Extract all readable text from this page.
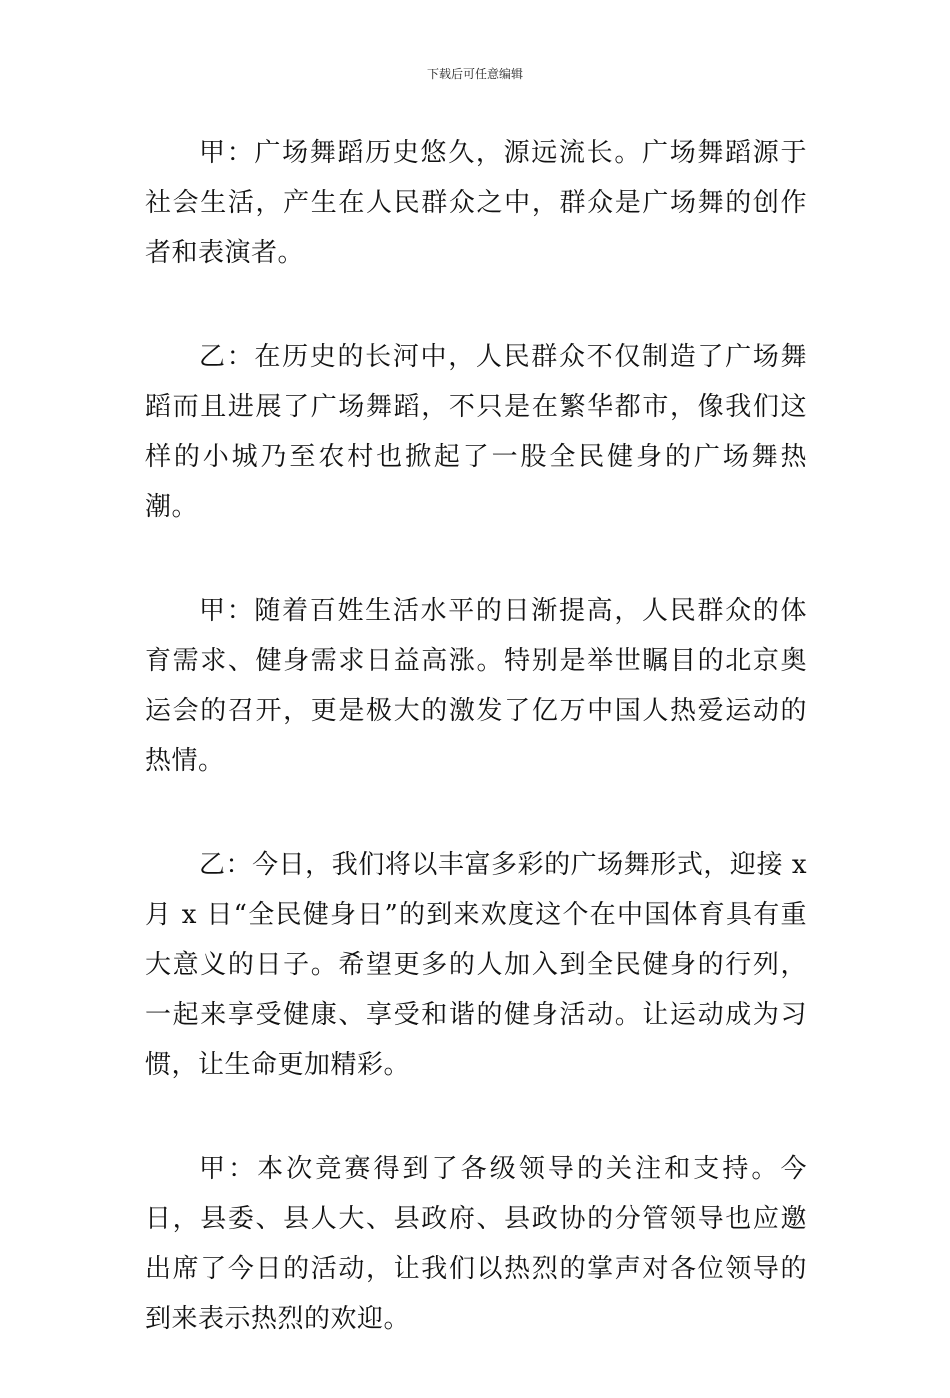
下载后可任意编辑

甲：广场舞蹈历史悠久，源远流长。广场舞蹈源于社会生活，产生在人民群众之中，群众是广场舞的创作者和表演者。

乙：在历史的长河中，人民群众不仅制造了广场舞蹈而且进展了广场舞蹈，不只是在繁华都市，像我们这样的小城乃至农村也掀起了一股全民健身的广场舞热潮。

甲：随着百姓生活水平的日渐提高，人民群众的体育需求、健身需求日益高涨。特别是举世瞩目的北京奥运会的召开，更是极大的激发了亿万中国人热爱运动的热情。

乙：今日，我们将以丰富多彩的广场舞形式，迎接 x 月 x 日“全民健身日”的到来欢度这个在中国体育具有重大意义的日子。希望更多的人加入到全民健身的行列，一起来享受健康、享受和谐的健身活动。让运动成为习惯，让生命更加精彩。

甲：本次竞赛得到了各级领导的关注和支持。今日，县委、县人大、县政府、县政协的分管领导也应邀出席了今日的活动，让我们以热烈的掌声对各位领导的到来表示热烈的欢迎。
